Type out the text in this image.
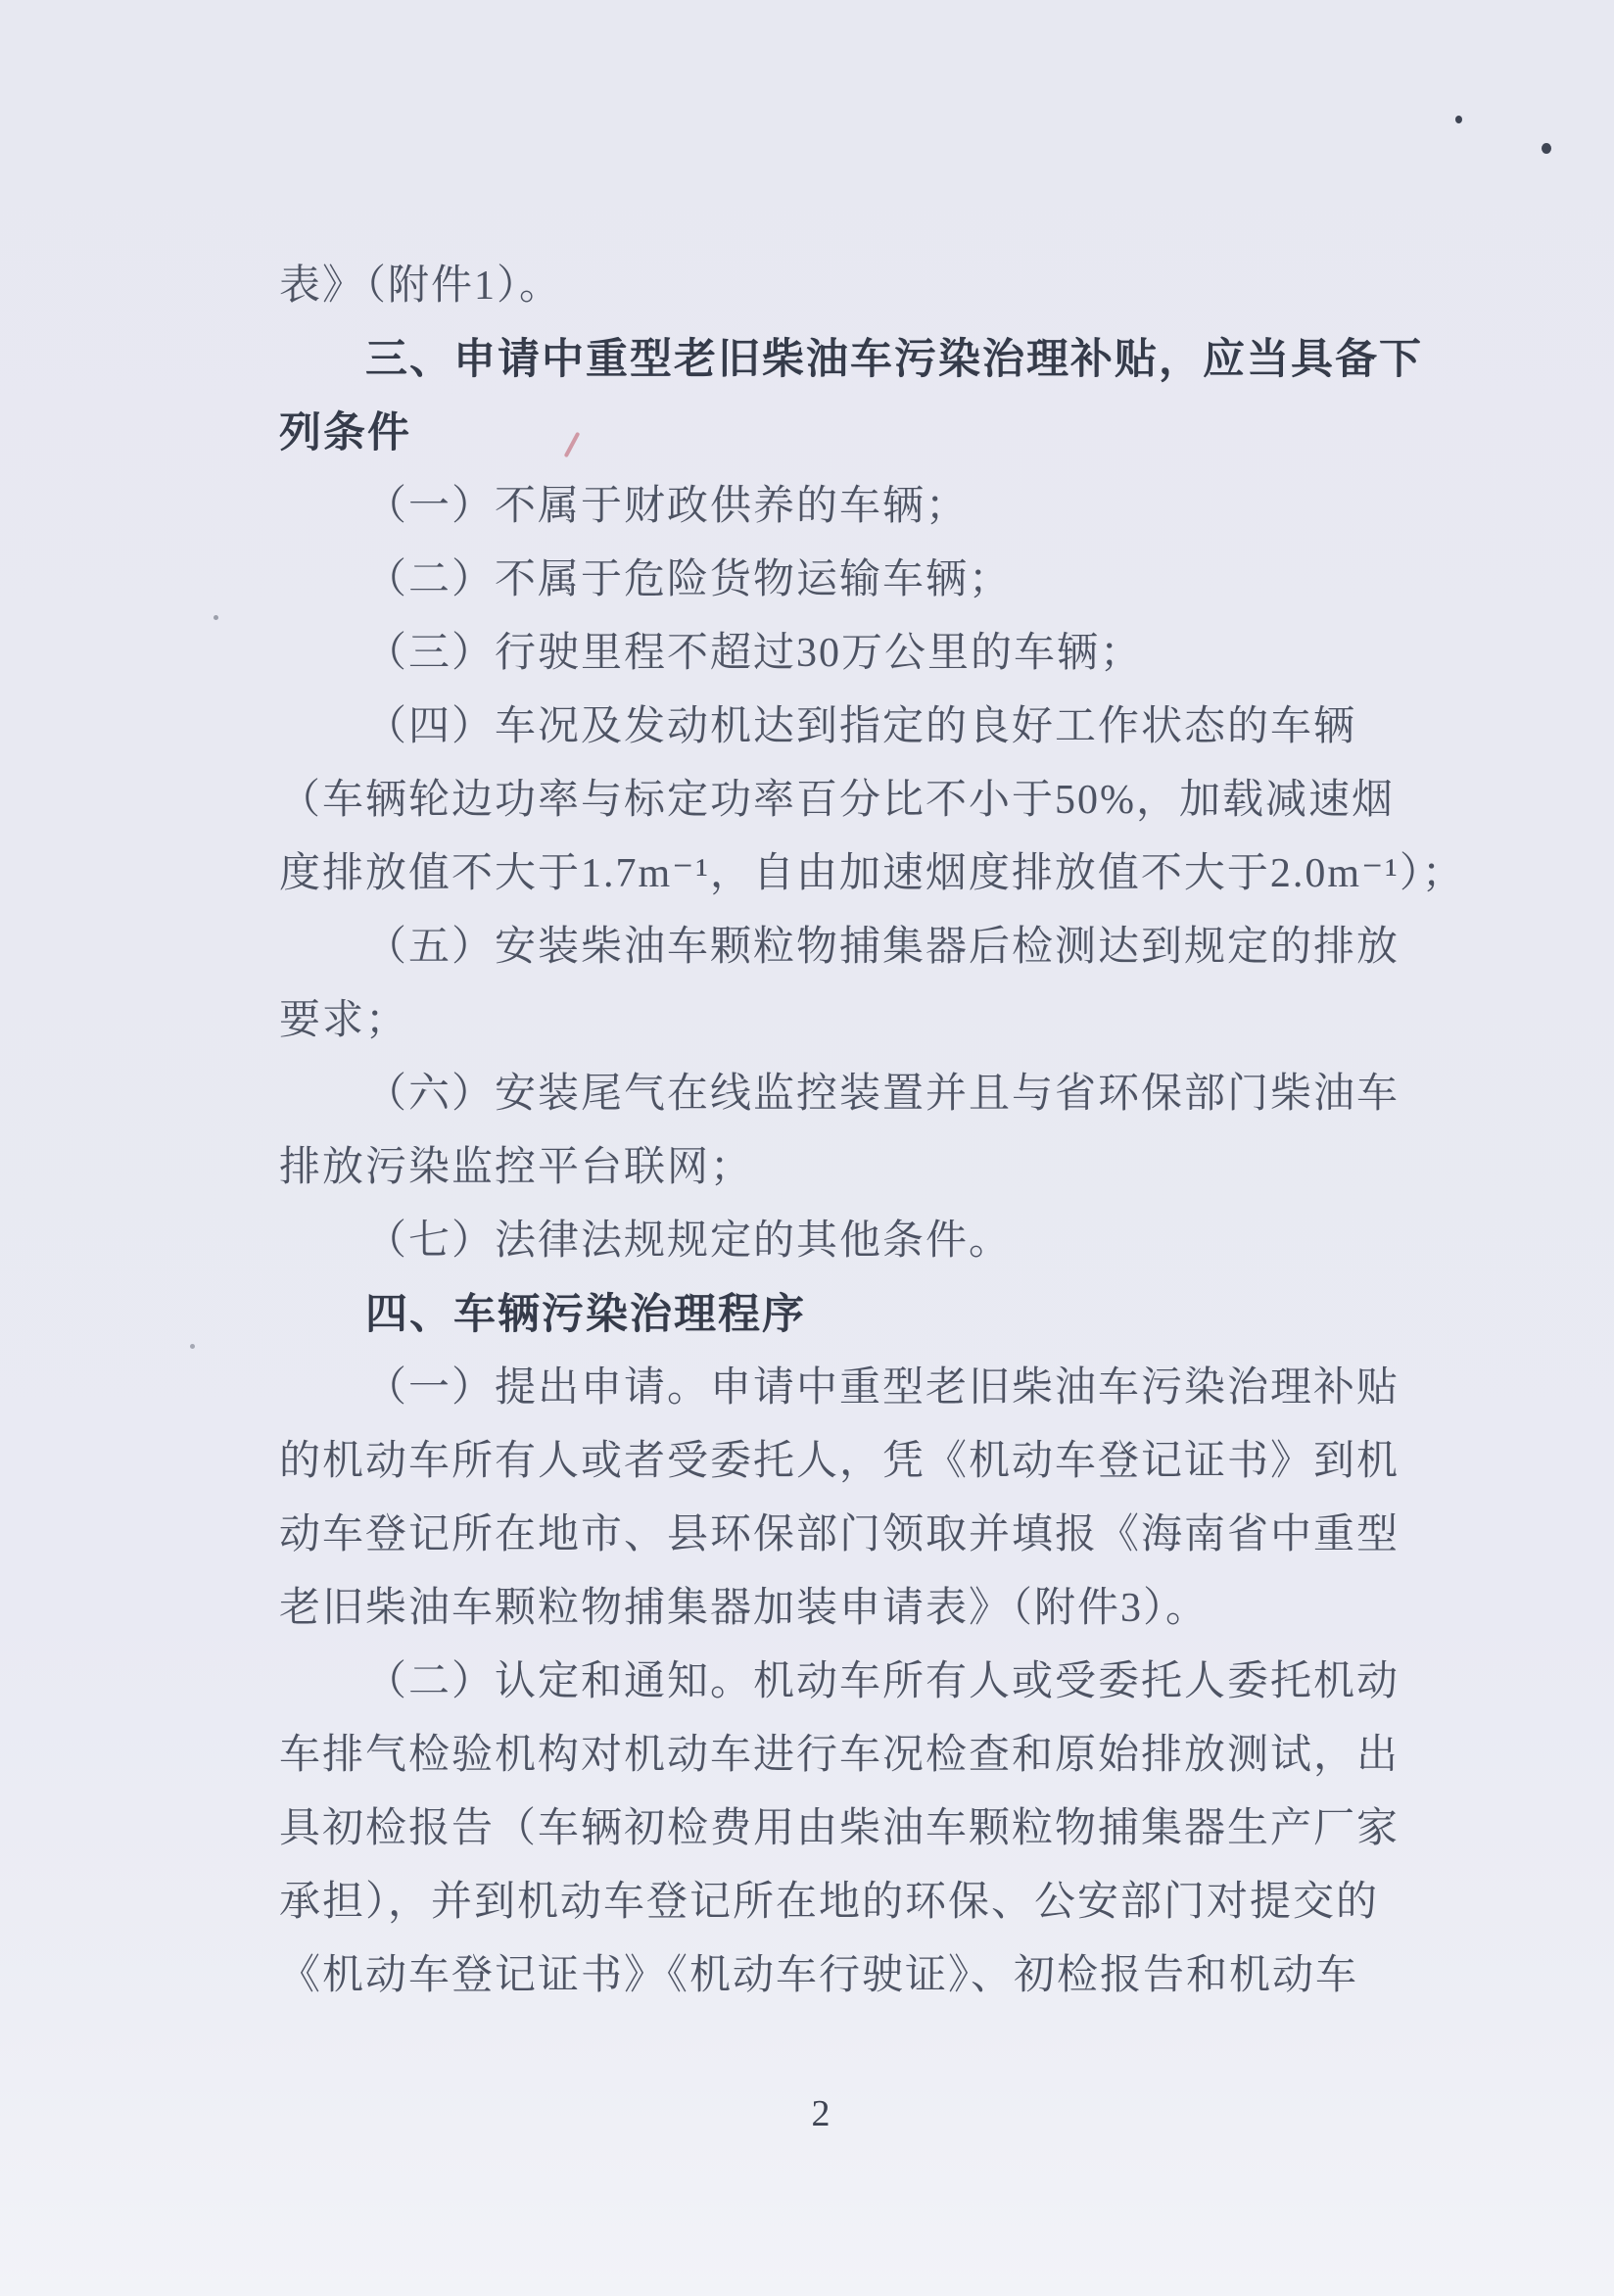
表》（附件1）。

三、申请中重型老旧柴油车污染治理补贴，应当具备下

列条件

（一）不属于财政供养的车辆；

（二）不属于危险货物运输车辆；

（三）行驶里程不超过30万公里的车辆；

（四）车况及发动机达到指定的良好工作状态的车辆

（车辆轮边功率与标定功率百分比不小于50%，加载减速烟

度排放值不大于1.7m⁻¹，自由加速烟度排放值不大于2.0m⁻¹）；

（五）安装柴油车颗粒物捕集器后检测达到规定的排放

要求；

（六）安装尾气在线监控装置并且与省环保部门柴油车

排放污染监控平台联网；

（七）法律法规规定的其他条件。

四、车辆污染治理程序

（一）提出申请。申请中重型老旧柴油车污染治理补贴

的机动车所有人或者受委托人，凭《机动车登记证书》到机

动车登记所在地市、县环保部门领取并填报《海南省中重型

老旧柴油车颗粒物捕集器加装申请表》（附件3）。

（二）认定和通知。机动车所有人或受委托人委托机动

车排气检验机构对机动车进行车况检查和原始排放测试，出

具初检报告（车辆初检费用由柴油车颗粒物捕集器生产厂家

承担），并到机动车登记所在地的环保、公安部门对提交的

《机动车登记证书》《机动车行驶证》、初检报告和机动车

2
